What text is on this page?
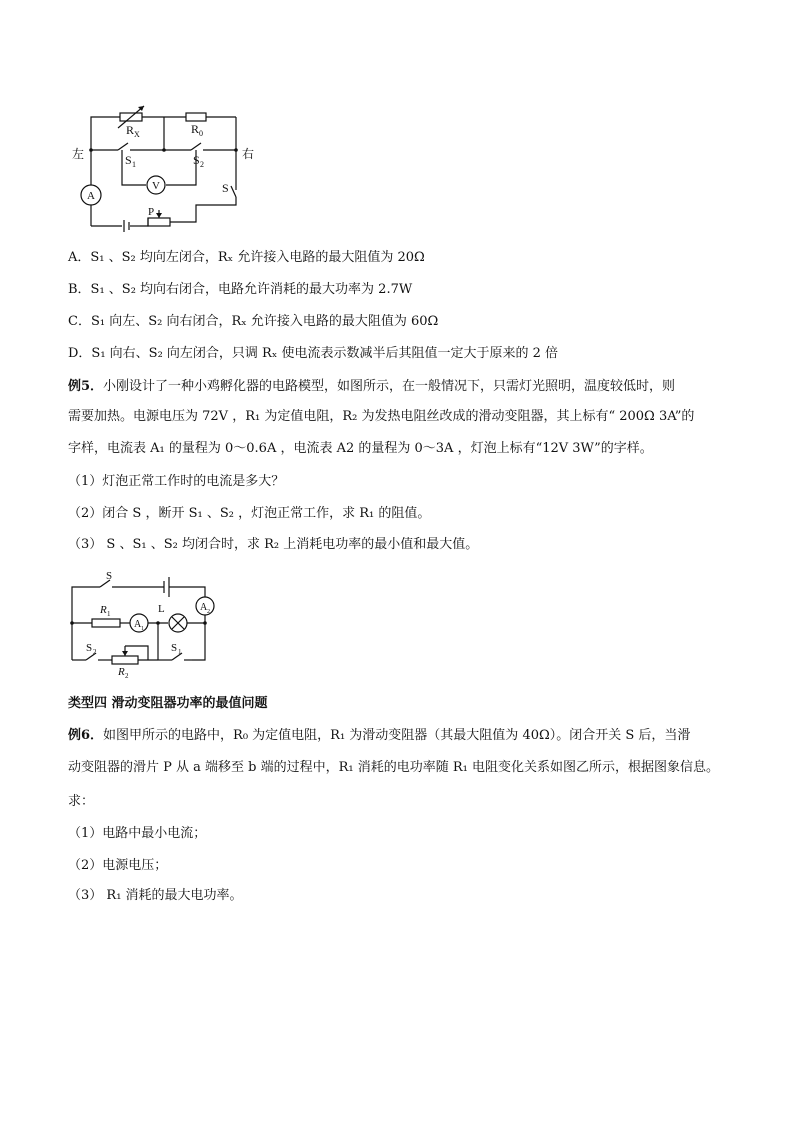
R X	R 0
S 1	S 2
V
A
S
P
左	右
A．S₁ 、S₂ 均向左闭合，Rₓ 允许接入电路的最大阻值为 20Ω
B．S₁ 、S₂ 均向右闭合，电路允许消耗的最大功率为 2.7W
C．S₁ 向左、S₂ 向右闭合，Rₓ 允许接入电路的最大阻值为 60Ω
D．S₁ 向右、S₂ 向左闭合，只调 Rₓ 使电流表示数减半后其阻值一定大于原来的 2 倍
例5．小刚设计了一种小鸡孵化器的电路模型，如图所示，在一般情况下，只需灯光照明，温度较低时，则
需要加热。电源电压为 72V ，R₁ 为定值电阻，R₂ 为发热电阻丝改成的滑动变阻器，其上标有“ 200Ω 3A”的
字样，电流表 A₁ 的量程为 0～0.6A ，电流表 A2 的量程为 0～3A ，灯泡上标有“12V 3W”的字样。
（1）灯泡正常工作时的电流是多大？
（2）闭合 S ，断开 S₁ 、S₂ ，灯泡正常工作，求 R₁ 的阻值。
（3） S 、S₁ 、S₂ 均闭合时，求 R₂ 上消耗电功率的最小值和最大值。
S
R 1
A 1
L	A 2
S 2	S 1
R 2
类型四 滑动变阻器功率的最值问题
例6．如图甲所示的电路中，R₀ 为定值电阻，R₁ 为滑动变阻器（其最大阻值为 40Ω）。闭合开关 S 后，当滑
动变阻器的滑片 P 从 a 端移至 b 端的过程中，R₁ 消耗的电功率随 R₁ 电阻变化关系如图乙所示，根据图象信息。
求：
（1）电路中最小电流；
（2）电源电压；
（3） R₁ 消耗的最大电功率。
